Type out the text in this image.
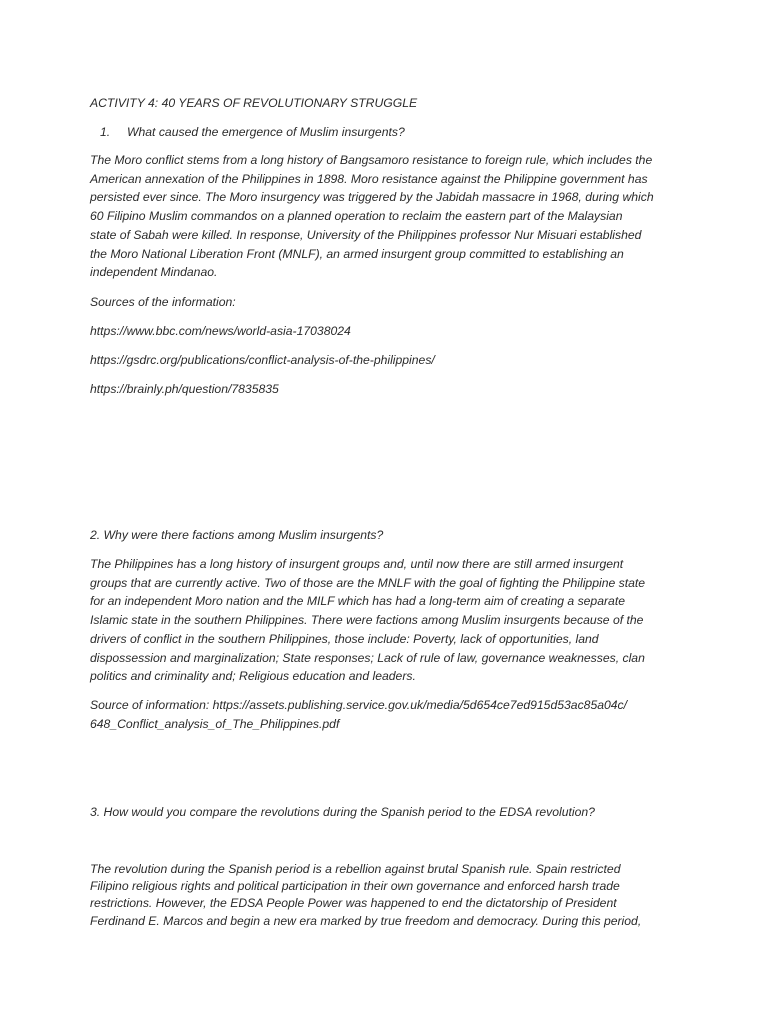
ACTIVITY 4: 40 YEARS OF REVOLUTIONARY STRUGGLE
1. What caused the emergence of Muslim insurgents?
The Moro conflict stems from a long history of Bangsamoro resistance to foreign rule, which includes the
American annexation of the Philippines in 1898. Moro resistance against the Philippine government has
persisted ever since. The Moro insurgency was triggered by the Jabidah massacre in 1968, during which
60 Filipino Muslim commandos on a planned operation to reclaim the eastern part of the Malaysian
state of Sabah were killed. In response, University of the Philippines professor Nur Misuari established
the Moro National Liberation Front (MNLF), an armed insurgent group committed to establishing an
independent Mindanao.
Sources of the information:
https://www.bbc.com/news/world-asia-17038024
https://gsdrc.org/publications/conflict-analysis-of-the-philippines/
https://brainly.ph/question/7835835
2. Why were there factions among Muslim insurgents?
The Philippines has a long history of insurgent groups and, until now there are still armed insurgent
groups that are currently active. Two of those are the MNLF with the goal of fighting the Philippine state
for an independent Moro nation and the MILF which has had a long-term aim of creating a separate
Islamic state in the southern Philippines. There were factions among Muslim insurgents because of the
drivers of conflict in the southern Philippines, those include: Poverty, lack of opportunities, land
dispossession and marginalization; State responses; Lack of rule of law, governance weaknesses, clan
politics and criminality and; Religious education and leaders.
Source of information: https://assets.publishing.service.gov.uk/media/5d654ce7ed915d53ac85a04c/
648_Conflict_analysis_of_The_Philippines.pdf
3. How would you compare the revolutions during the Spanish period to the EDSA revolution?
The revolution during the Spanish period is a rebellion against brutal Spanish rule. Spain restricted
Filipino religious rights and political participation in their own governance and enforced harsh trade
restrictions. However, the EDSA People Power was happened to end the dictatorship of President
Ferdinand E. Marcos and begin a new era marked by true freedom and democracy. During this period,
